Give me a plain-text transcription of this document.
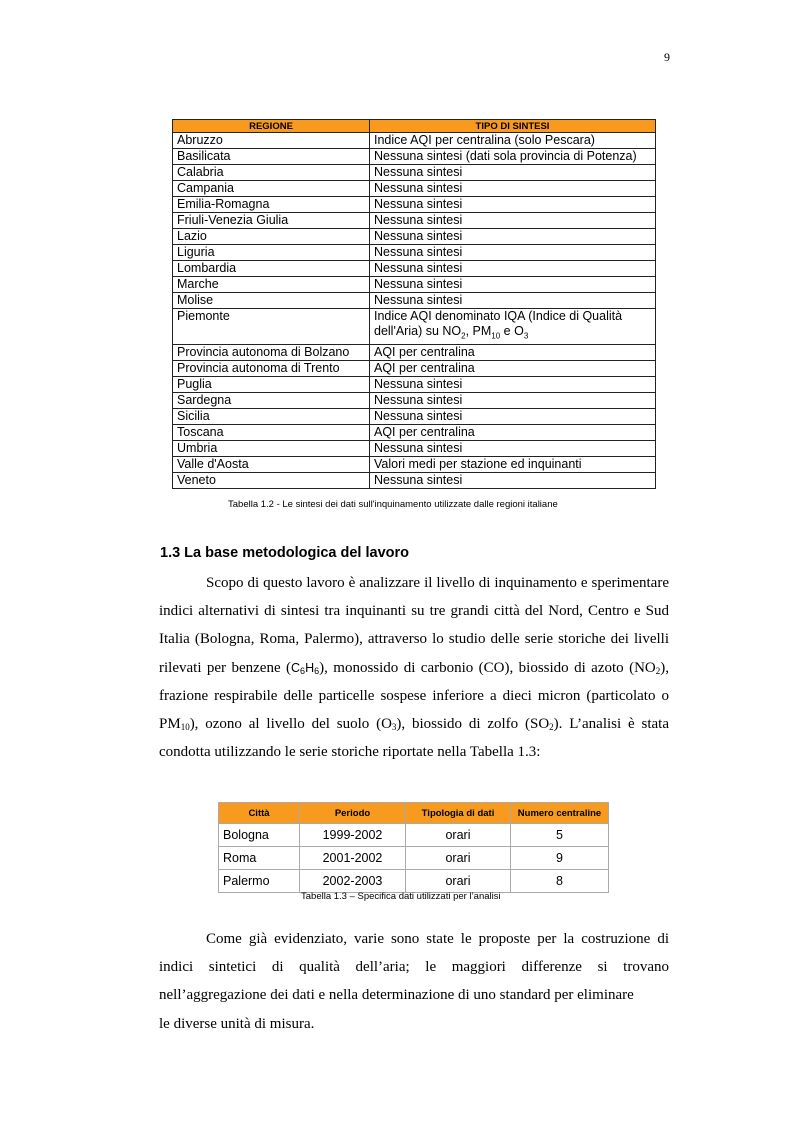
9
REGIONE	TIPO DI SINTESI
Abruzzo	Indice AQI per centralina (solo Pescara)
Basilicata	Nessuna sintesi (dati sola provincia di Potenza)
Calabria	Nessuna sintesi
Campania	Nessuna sintesi
Emilia-Romagna	Nessuna sintesi
Friuli-Venezia Giulia	Nessuna sintesi
Lazio	Nessuna sintesi
Liguria	Nessuna sintesi
Lombardia	Nessuna sintesi
Marche	Nessuna sintesi
Molise	Nessuna sintesi
Piemonte	Indice AQI denominato IQA (Indice di Qualità dell'Aria) su $NO_2$, $PM_{10}$ e $O_3$
Provincia autonoma di Bolzano	AQI per centralina
Provincia autonoma di Trento	AQI per centralina
Puglia	Nessuna sintesi
Sardegna	Nessuna sintesi
Sicilia	Nessuna sintesi
Toscana	AQI per centralina
Umbria	Nessuna sintesi
Valle d'Aosta	Valori medi per stazione ed inquinanti
Veneto	Nessuna sintesi
Tabella 1.2 - Le sintesi dei dati sull'inquinamento utilizzate dalle regioni italiane
1.3 La base metodologica del lavoro

Scopo di questo lavoro è analizzare il livello di inquinamento e sperimentare indici alternativi di sintesi tra inquinanti su tre grandi città del Nord, Centro e Sud Italia (Bologna, Roma, Palermo), attraverso lo studio delle serie storiche dei livelli rilevati per benzene $(C_6H_6)$, monossido di carbonio (CO), biossido di azoto $(NO_2)$, frazione respirabile delle particelle sospese inferiore a dieci micron (particolato o $PM_{10}$), ozono al livello del suolo $(O_3)$, biossido di zolfo $(SO_2)$. L’analisi è stata condotta utilizzando le serie storiche riportate nella Tabella 1.3:

Città	Periodo	Tipologia di dati	Numero centraline
Bologna	1999-2002	orari	5
Roma	2001-2002	orari	9
Palermo	2002-2003	orari	8
Tabella 1.3 – Specifica dati utilizzati per l’analisi
Come già evidenziato, varie sono state le proposte per la costruzione di indici sintetici di qualità dell’aria; le maggiori differenze si trovano nell’aggregazione dei dati e nella determinazione di uno standard per eliminare
le diverse unità di misura.
